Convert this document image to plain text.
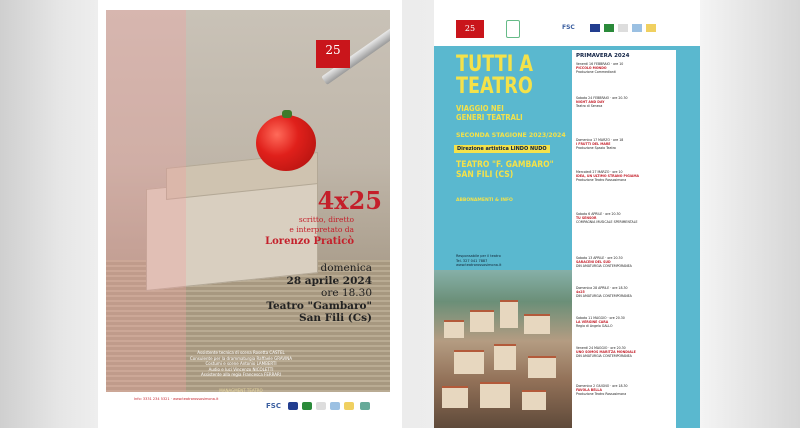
25
Assistente tecnica di scena Rosetta CASTEL
Consulente per la drammaturgia Raffaele GRAVINA
Costumi e scene Antonio LAMBERTI
Audio e luci Vincenzo NICOLETTI
Assistente alla regia Francesca FERRARI
MANAGMENT TEATRO
4x25
scritto, diretto
e interpretato da
Lorenzo Praticò
domenica
28 aprile 2024
ore 18.30
Teatro "Gambaro"
San Fili (Cs)
Info: 3331 234 5321 · www.teatrorossosimona.it
FSC
25	FSC
TUTTI A
TEATRO
VIAGGIO NEI
GENERI TEATRALI
SECONDA STAGIONE 2023/2024
Direzione artistica LINDO NUDO
TEATRO "F. GAMBARO"
SAN FILI (CS)
ABBONAMENTI & INFO
Responsabile per il teatro
Tel. 327 041 7887
www.teatrorossosimona.it
PRIMAVERA 2024
Venerdì 16 FEBBRAIO · ore 10
PICCOLO MONDO
Produzione Commedianti
Sabato 24 FEBBRAIO · ore 20.30
NIGHT AND DAY
Teatro di Seneca
Domenica 17 MARZO · ore 18
I FRUTTI DEL MARE
Produzione Spazio Teatro
Mercoledì 27 MARZO · ore 10
IDEA, UN ULTIMO STRANO PIGIAMA
Produzione Teatro Rossosimona
Sabato 6 APRILE · ore 20.30
TU SENSOR
COMPAGNIA MUSICALE SPERIMENTALE
Sabato 13 APRILE · ore 20.30
SARACENI DEL SUD
DIN AMATURGIA CONTEMPORANEA
Domenica 28 APRILE · ore 18.30
4x25
DIN AMATURGIA CONTEMPORANEA
Sabato 11 MAGGIO · ore 20.30
LA VERGINE CARA
Regia di Angelo GALLO
Venerdì 24 MAGGIO · ore 20.30
UNO SOMOS MARITZA MONDIALE
DIN AMATURGIA CONTEMPORANEA
Domenica 2 GIUGNO · ore 18.30
FAVOLA BELLA
Produzione Teatro Rossosimona
